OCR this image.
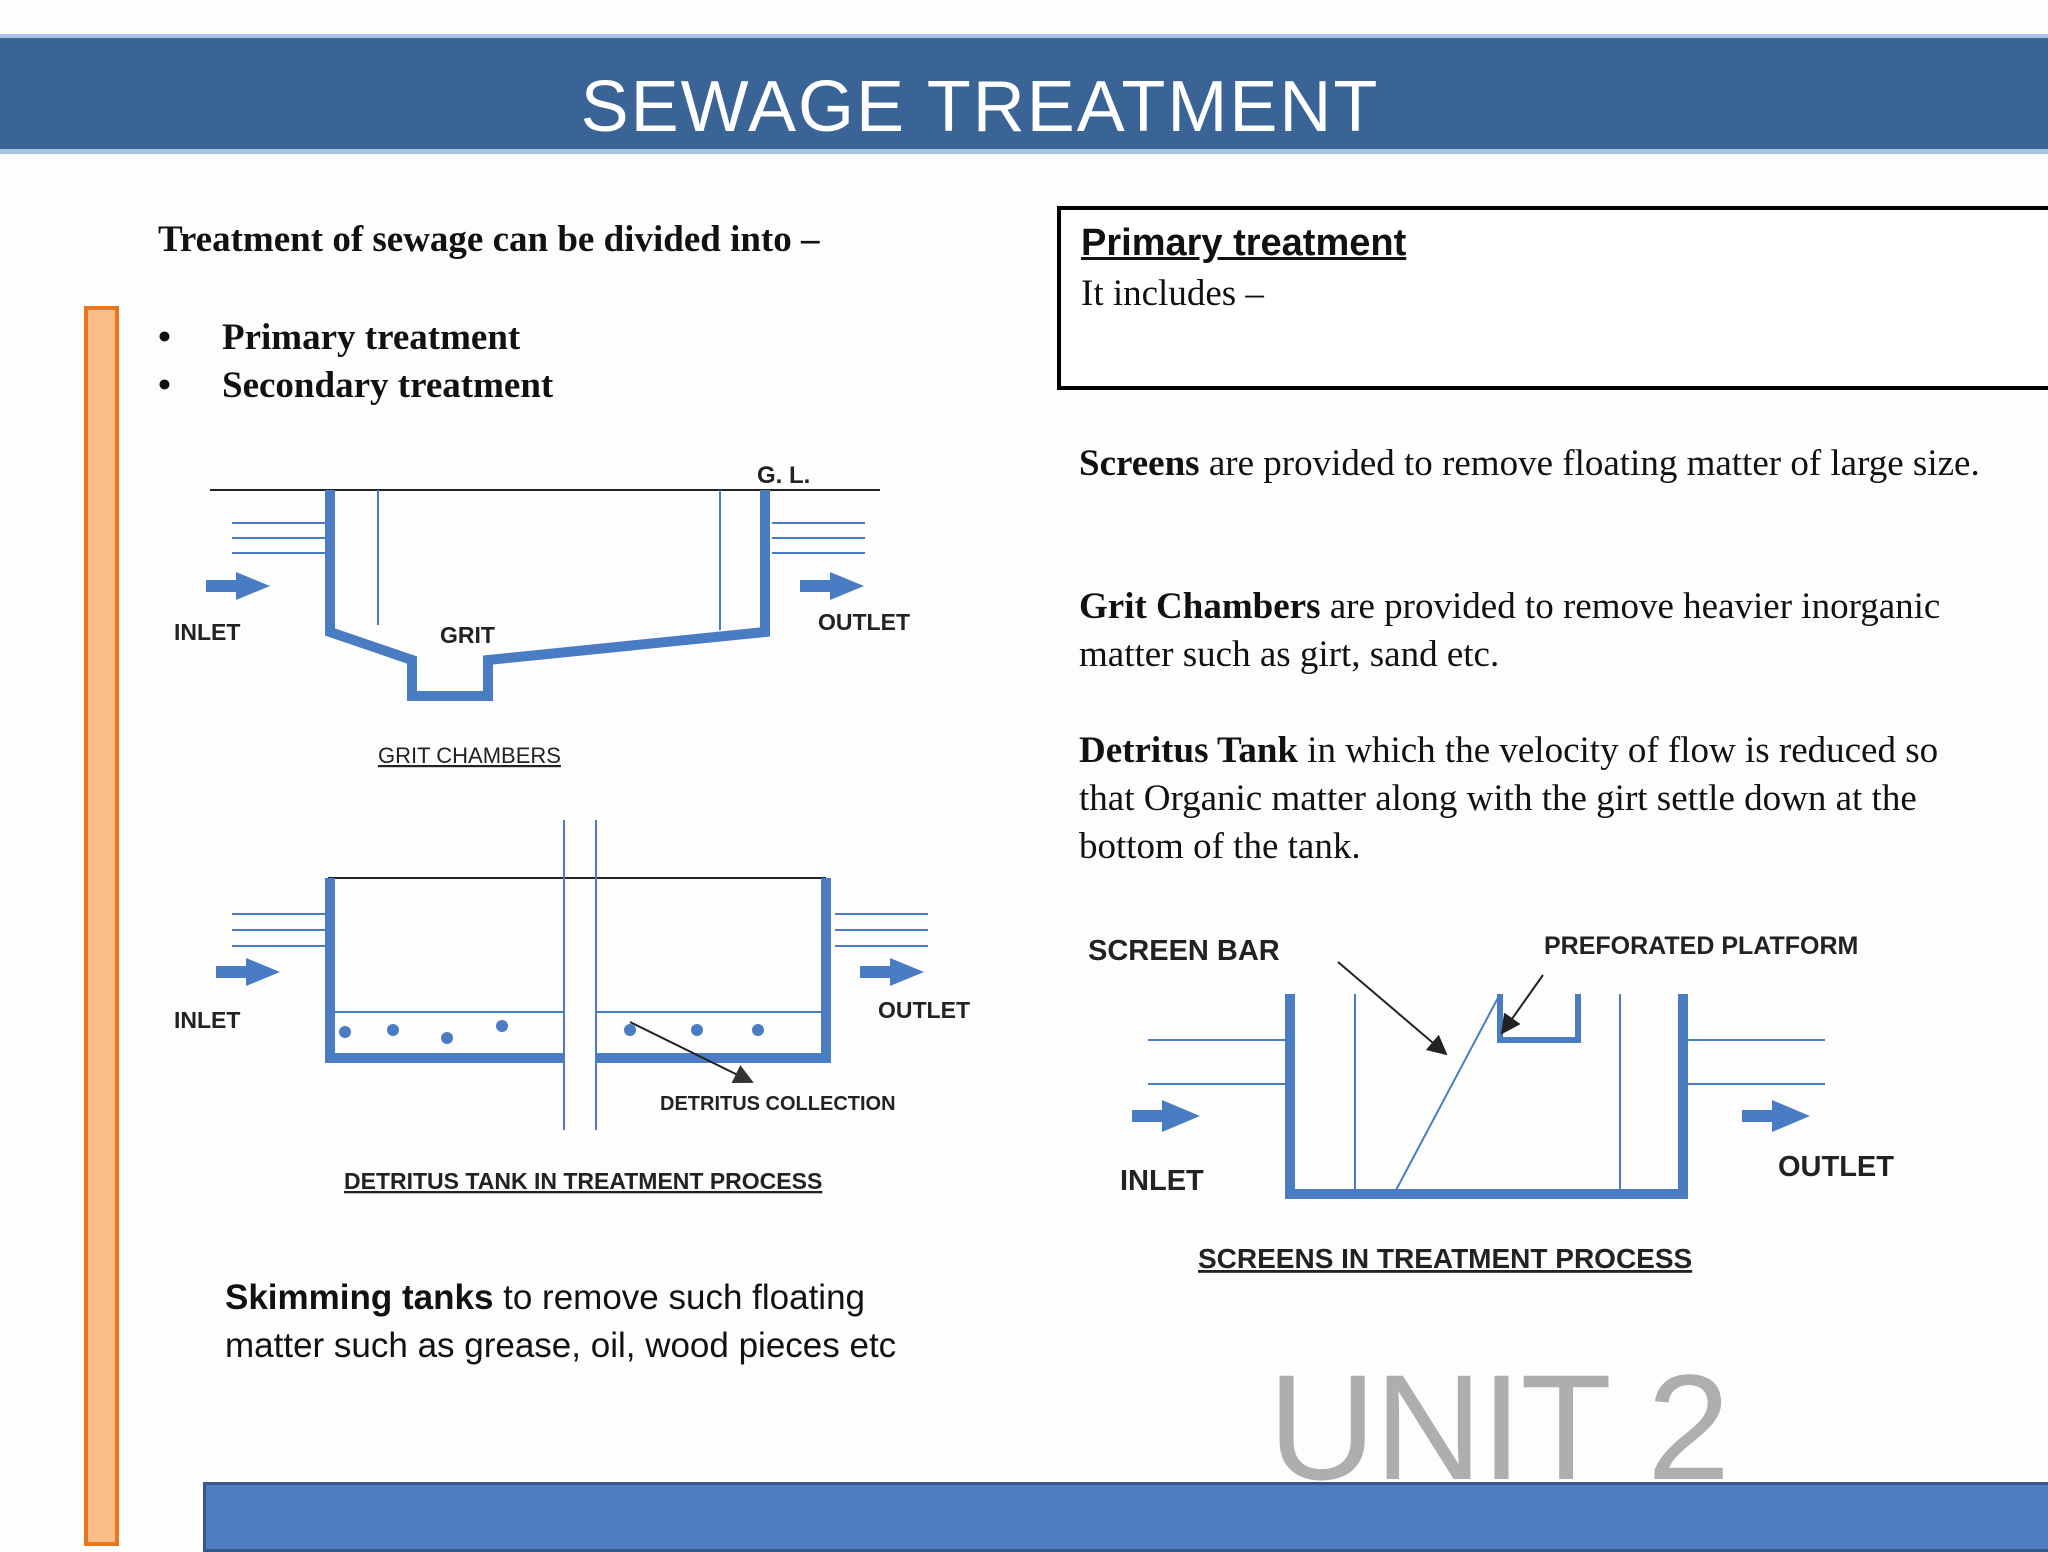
SEWAGE TREATMENT
Treatment of sewage can be divided into –
• Primary treatment
• Secondary treatment
Primary treatment
It includes –
Screens are provided to remove floating matter of large size.
Grit Chambers are provided to remove heavier inorganic matter such as girt, sand etc.
Detritus Tank in which the velocity of flow is reduced so that Organic matter along with the girt settle down at the bottom of the tank.
Skimming tanks to remove such floating matter such as grease, oil, wood pieces etc
G. L.
INLET	OUTLET
GRIT
GRIT CHAMBERS
INLET	OUTLET
DETRITUS COLLECTION
DETRITUS TANK IN TREATMENT PROCESS
SCREEN BAR	PREFORATED PLATFORM
INLET	OUTLET
SCREENS IN TREATMENT PROCESS
UNIT 2
